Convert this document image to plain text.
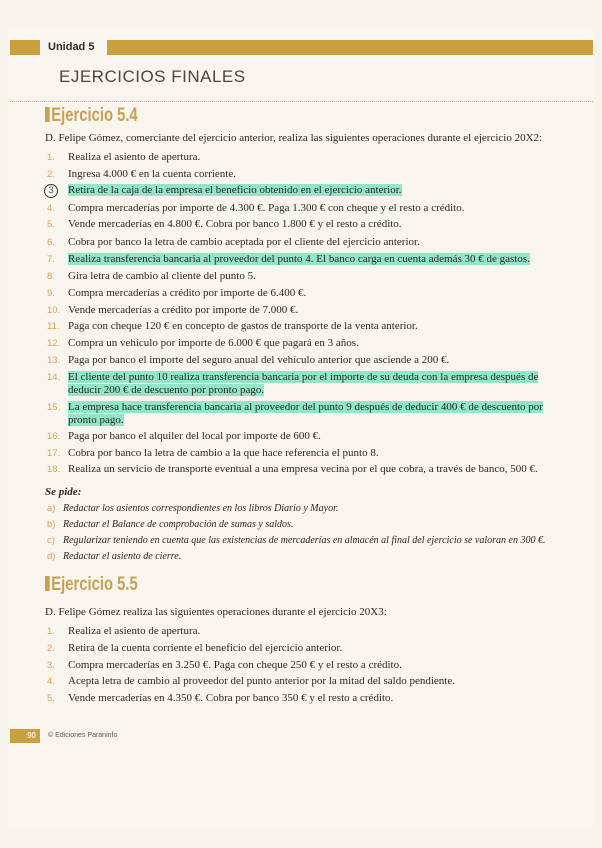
Unidad 5
EJERCICIOS FINALES
Ejercicio 5.4
D. Felipe Gómez, comerciante del ejercicio anterior, realiza las siguientes operaciones durante el ejercicio 20X2:
1. Realiza el asiento de apertura.
2. Ingresa 4.000 € en la cuenta corriente.
3	Retira de la caja de la empresa el beneficio obtenido en el ejercicio anterior.
4. Compra mercaderías por importe de 4.300 €. Paga 1.300 € con cheque y el resto a crédito.
5. Vende mercaderías en 4.800 €. Cobra por banco 1.800 € y el resto a crédito.
6. Cobra por banco la letra de cambio aceptada por el cliente del ejercicio anterior.
7. Realiza transferencia bancaria al proveedor del punto 4. El banco carga en cuenta además 30 € de gastos.
8. Gira letra de cambio al cliente del punto 5.
9. Compra mercaderías a crédito por importe de 6.400 €.
10. Vende mercaderías a crédito por importe de 7.000 €.
11. Paga con cheque 120 € en concepto de gastos de transporte de la venta anterior.
12. Compra un vehículo por importe de 6.000 € que pagará en 3 años.
13. Paga por banco el importe del seguro anual del vehículo anterior que asciende a 200 €.
14. El cliente del punto 10 realiza transferencia bancaria por el importe de su deuda con la empresa después de deducir 200 € de descuento por pronto pago.
15. La empresa hace transferencia bancaria al proveedor del punto 9 después de deducir 400 € de descuento por pronto pago.
16. Paga por banco el alquiler del local por importe de 600 €.
17. Cobra por banco la letra de cambio a la que hace referencia el punto 8.
18. Realiza un servicio de transporte eventual a una empresa vecina por el que cobra, a través de banco, 500 €.
Se pide:
a) Redactar los asientos correspondientes en los libros Diario y Mayor.
b) Redactar el Balance de comprobación de sumas y saldos.
c) Regularizar teniendo en cuenta que las existencias de mercaderías en almacén al final del ejercicio se valoran en 300 €.
d) Redactar el asiento de cierre.
Ejercicio 5.5
D. Felipe Gómez realiza las siguientes operaciones durante el ejercicio 20X3:
1. Realiza el asiento de apertura.
2. Retira de la cuenta corriente el beneficio del ejercicio anterior.
3. Compra mercaderías en 3.250 €. Paga con cheque 250 € y el resto a crédito.
4. Acepta letra de cambio al proveedor del punto anterior por la mitad del saldo pendiente.
5. Vende mercaderías en 4.350 €. Cobra por banco 350 € y el resto a crédito.
90	© Ediciones Paraninfo
